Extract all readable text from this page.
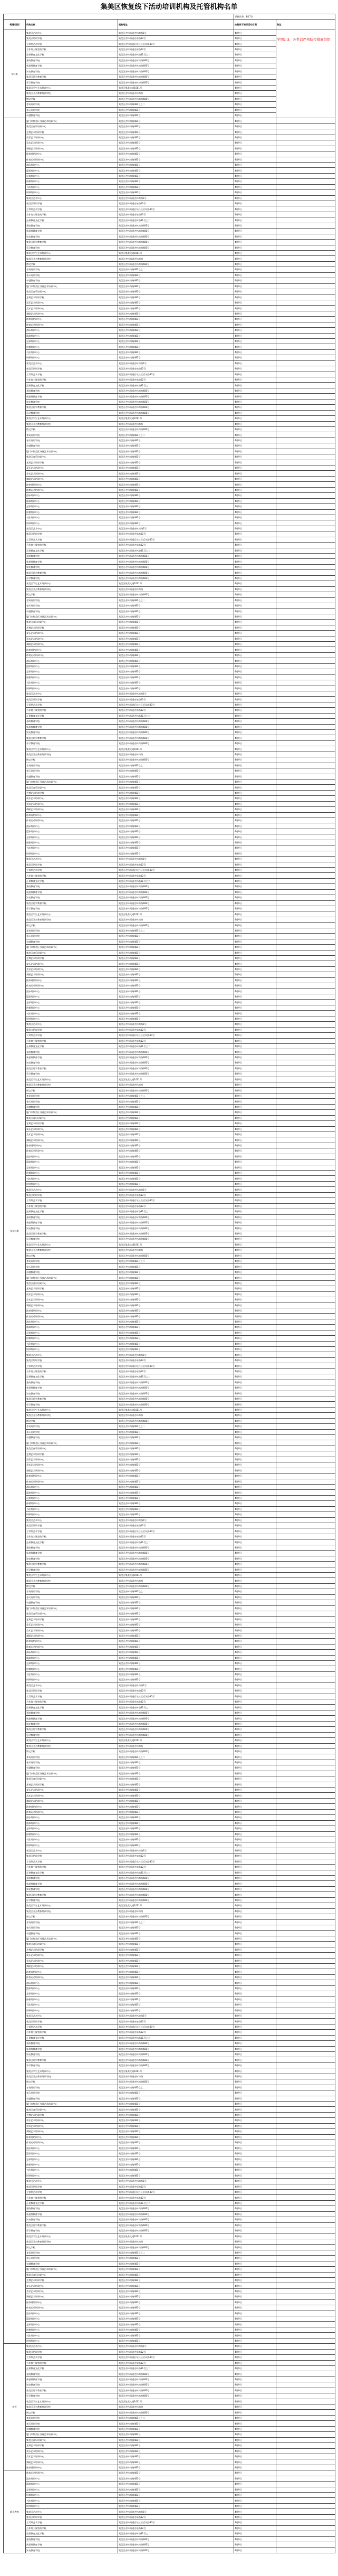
集美区恢复线下活动培训机构及托管机构名单
			更新日期：4月7日	
街道/类别	机构名称	机构地址	恢复线下培训活动日期	备注
学科类	集美区艺术中心	集美区杏林街道杏林湾路1号	4月9日	学期1-3，各类以严格防控措施组织
	集美区培训学校	集美区杏林街道杏前路12号	4月9日	
	立青坪艺术学校	集美区杏林街道后坑社区后坑路80号	4月9日	
	合作第三课堂的学校	集美区杏林街道杏前路12号	4月9日	
	正果教育文化学校	集美区杏林街道杏林路31号之二	4月9日	
	嘉庚教育学校	集美区杏林街道杏林湾路481号	4月9日	
	新思维教育学校	集美区杏林街道杏林湾路481号	4月9日	
	知友教育学校	集美区杏林街道杏林湾路481号	4月9日	
	集美区思学教育学校	集美区杏林街道杏林湾路481号	4月9日	
	乐学教育学校	集美区杏林街道杏林湾路481号	4月9日	
	集美区学生艺术培训中心	集美区集美大道1001号	4月9日	
	集美区圣杰教育培训学校	集美区杏林街道杏林湾路	4月9日	
	博文学校	集美区杏林街道杏林湾路481号	4月9日	
	育英英语学校	集美区杏林湾路481号之二	4月9日	
	春天英语学校	集美区杏林湾路481号	4月9日	
	卓越教育学校	集美区杏林湾路481号	4月9日	
非学科类	厦门市集美区书画艺术培训中心	集美区杏林湾路481号	4月9日	
	集美区音乐培训中心	集美区杏林湾路481号	4月9日	
	艺博艺术培训学校	集美区杏林湾路481号	4月9日	
	爱乐艺术培训中心	集美区杏林湾路481号	4月9日	
	美术艺术培训中心	集美区杏林湾路481号	4月9日	
	舞蹈艺术培训中心	集美区杏林湾路481号	4月9日	
	跆拳道培训中心	集美区杏林湾路481号	4月9日	
	体育运动培训中心	集美区杏林湾路481号	4月9日	
	游泳培训中心	集美区杏林湾路481号	4月9日	
	篮球培训中心	集美区杏林湾路481号	4月9日	
	足球培训中心	集美区杏林湾路481号	4月9日	
	围棋培训中心	集美区杏林湾路481号	4月9日	
	书法培训中心	集美区杏林湾路481号	4月9日	
	钢琴培训中心	集美区杏林湾路481号	4月9日	
	集美区艺术中心	集美区杏林街道杏林湾路1号	4月9日	
	集美区培训学校	集美区杏林街道杏前路12号	4月9日	
	立青坪艺术学校	集美区杏林街道后坑社区后坑路80号	4月9日	
	合作第三课堂的学校	集美区杏林街道杏前路12号	4月9日	
	正果教育文化学校	集美区杏林街道杏林路31号之二	4月9日	
	嘉庚教育学校	集美区杏林街道杏林湾路481号	4月9日	
	新思维教育学校	集美区杏林街道杏林湾路481号	4月9日	
	知友教育学校	集美区杏林街道杏林湾路481号	4月9日	
	集美区思学教育学校	集美区杏林街道杏林湾路481号	4月9日	
	乐学教育学校	集美区杏林街道杏林湾路481号	4月9日	
	集美区学生艺术培训中心	集美区集美大道1001号	4月9日	
	集美区圣杰教育培训学校	集美区杏林街道杏林湾路	4月9日	
	博文学校	集美区杏林街道杏林湾路481号	4月9日	
	育英英语学校	集美区杏林湾路481号之二	4月9日	
	春天英语学校	集美区杏林湾路481号	4月9日	
	卓越教育学校	集美区杏林湾路481号	4月9日	
	厦门市集美区书画艺术培训中心	集美区杏林湾路481号	4月9日	
	集美区音乐培训中心	集美区杏林湾路481号	4月9日	
	艺博艺术培训学校	集美区杏林湾路481号	4月9日	
	爱乐艺术培训中心	集美区杏林湾路481号	4月9日	
	美术艺术培训中心	集美区杏林湾路481号	4月9日	
	舞蹈艺术培训中心	集美区杏林湾路481号	4月9日	
	跆拳道培训中心	集美区杏林湾路481号	4月9日	
	体育运动培训中心	集美区杏林湾路481号	4月9日	
	游泳培训中心	集美区杏林湾路481号	4月9日	
	篮球培训中心	集美区杏林湾路481号	4月9日	
	足球培训中心	集美区杏林湾路481号	4月9日	
	围棋培训中心	集美区杏林湾路481号	4月9日	
	书法培训中心	集美区杏林湾路481号	4月9日	
	钢琴培训中心	集美区杏林湾路481号	4月9日	
	集美区艺术中心	集美区杏林街道杏林湾路1号	4月9日	
	集美区培训学校	集美区杏林街道杏前路12号	4月9日	
	立青坪艺术学校	集美区杏林街道后坑社区后坑路80号	4月9日	
	合作第三课堂的学校	集美区杏林街道杏前路12号	4月9日	
	正果教育文化学校	集美区杏林街道杏林路31号之二	4月9日	
	嘉庚教育学校	集美区杏林街道杏林湾路481号	4月9日	
	新思维教育学校	集美区杏林街道杏林湾路481号	4月9日	
	知友教育学校	集美区杏林街道杏林湾路481号	4月9日	
	集美区思学教育学校	集美区杏林街道杏林湾路481号	4月9日	
	乐学教育学校	集美区杏林街道杏林湾路481号	4月9日	
	集美区学生艺术培训中心	集美区集美大道1001号	4月9日	
	集美区圣杰教育培训学校	集美区杏林街道杏林湾路	4月9日	
	博文学校	集美区杏林街道杏林湾路481号	4月9日	
	育英英语学校	集美区杏林湾路481号之二	4月9日	
	春天英语学校	集美区杏林湾路481号	4月9日	
	卓越教育学校	集美区杏林湾路481号	4月9日	
	厦门市集美区书画艺术培训中心	集美区杏林湾路481号	4月9日	
	集美区音乐培训中心	集美区杏林湾路481号	4月9日	
	艺博艺术培训学校	集美区杏林湾路481号	4月9日	
	爱乐艺术培训中心	集美区杏林湾路481号	4月9日	
	美术艺术培训中心	集美区杏林湾路481号	4月9日	
	舞蹈艺术培训中心	集美区杏林湾路481号	4月9日	
	跆拳道培训中心	集美区杏林湾路481号	4月9日	
	体育运动培训中心	集美区杏林湾路481号	4月9日	
	游泳培训中心	集美区杏林湾路481号	4月9日	
	篮球培训中心	集美区杏林湾路481号	4月9日	
	足球培训中心	集美区杏林湾路481号	4月9日	
	围棋培训中心	集美区杏林湾路481号	4月9日	
	书法培训中心	集美区杏林湾路481号	4月9日	
	钢琴培训中心	集美区杏林湾路481号	4月9日	
	集美区艺术中心	集美区杏林街道杏林湾路1号	4月9日	
	集美区培训学校	集美区杏林街道杏前路12号	4月9日	
	立青坪艺术学校	集美区杏林街道后坑社区后坑路80号	4月9日	
	合作第三课堂的学校	集美区杏林街道杏前路12号	4月9日	
	正果教育文化学校	集美区杏林街道杏林路31号之二	4月9日	
	嘉庚教育学校	集美区杏林街道杏林湾路481号	4月9日	
	新思维教育学校	集美区杏林街道杏林湾路481号	4月9日	
	知友教育学校	集美区杏林街道杏林湾路481号	4月9日	
	集美区思学教育学校	集美区杏林街道杏林湾路481号	4月9日	
	乐学教育学校	集美区杏林街道杏林湾路481号	4月9日	
	集美区学生艺术培训中心	集美区集美大道1001号	4月9日	
	集美区圣杰教育培训学校	集美区杏林街道杏林湾路	4月9日	
	博文学校	集美区杏林街道杏林湾路481号	4月9日	
	育英英语学校	集美区杏林湾路481号之二	4月9日	
	春天英语学校	集美区杏林湾路481号	4月9日	
	卓越教育学校	集美区杏林湾路481号	4月9日	
	厦门市集美区书画艺术培训中心	集美区杏林湾路481号	4月9日	
	集美区音乐培训中心	集美区杏林湾路481号	4月9日	
	艺博艺术培训学校	集美区杏林湾路481号	4月9日	
	爱乐艺术培训中心	集美区杏林湾路481号	4月9日	
	美术艺术培训中心	集美区杏林湾路481号	4月9日	
	舞蹈艺术培训中心	集美区杏林湾路481号	4月9日	
	跆拳道培训中心	集美区杏林湾路481号	4月9日	
	体育运动培训中心	集美区杏林湾路481号	4月9日	
	游泳培训中心	集美区杏林湾路481号	4月9日	
	篮球培训中心	集美区杏林湾路481号	4月9日	
	足球培训中心	集美区杏林湾路481号	4月9日	
	围棋培训中心	集美区杏林湾路481号	4月9日	
	书法培训中心	集美区杏林湾路481号	4月9日	
	钢琴培训中心	集美区杏林湾路481号	4月9日	
	集美区艺术中心	集美区杏林街道杏林湾路1号	4月9日	
	集美区培训学校	集美区杏林街道杏前路12号	4月9日	
	立青坪艺术学校	集美区杏林街道后坑社区后坑路80号	4月9日	
	合作第三课堂的学校	集美区杏林街道杏前路12号	4月9日	
	正果教育文化学校	集美区杏林街道杏林路31号之二	4月9日	
	嘉庚教育学校	集美区杏林街道杏林湾路481号	4月9日	
	新思维教育学校	集美区杏林街道杏林湾路481号	4月9日	
	知友教育学校	集美区杏林街道杏林湾路481号	4月9日	
	集美区思学教育学校	集美区杏林街道杏林湾路481号	4月9日	
	乐学教育学校	集美区杏林街道杏林湾路481号	4月9日	
	集美区学生艺术培训中心	集美区集美大道1001号	4月9日	
	集美区圣杰教育培训学校	集美区杏林街道杏林湾路	4月9日	
	博文学校	集美区杏林街道杏林湾路481号	4月9日	
	育英英语学校	集美区杏林湾路481号之二	4月9日	
	春天英语学校	集美区杏林湾路481号	4月9日	
	卓越教育学校	集美区杏林湾路481号	4月9日	
	厦门市集美区书画艺术培训中心	集美区杏林湾路481号	4月9日	
	集美区音乐培训中心	集美区杏林湾路481号	4月9日	
	艺博艺术培训学校	集美区杏林湾路481号	4月9日	
	爱乐艺术培训中心	集美区杏林湾路481号	4月9日	
	美术艺术培训中心	集美区杏林湾路481号	4月9日	
	舞蹈艺术培训中心	集美区杏林湾路481号	4月9日	
	跆拳道培训中心	集美区杏林湾路481号	4月9日	
	体育运动培训中心	集美区杏林湾路481号	4月9日	
	游泳培训中心	集美区杏林湾路481号	4月9日	
	篮球培训中心	集美区杏林湾路481号	4月9日	
	足球培训中心	集美区杏林湾路481号	4月9日	
	围棋培训中心	集美区杏林湾路481号	4月9日	
	书法培训中心	集美区杏林湾路481号	4月9日	
	钢琴培训中心	集美区杏林湾路481号	4月9日	
	集美区艺术中心	集美区杏林街道杏林湾路1号	4月9日	
	集美区培训学校	集美区杏林街道杏前路12号	4月9日	
	立青坪艺术学校	集美区杏林街道后坑社区后坑路80号	4月9日	
	合作第三课堂的学校	集美区杏林街道杏前路12号	4月9日	
	正果教育文化学校	集美区杏林街道杏林路31号之二	4月9日	
	嘉庚教育学校	集美区杏林街道杏林湾路481号	4月9日	
	新思维教育学校	集美区杏林街道杏林湾路481号	4月9日	
	知友教育学校	集美区杏林街道杏林湾路481号	4月9日	
	集美区思学教育学校	集美区杏林街道杏林湾路481号	4月9日	
	乐学教育学校	集美区杏林街道杏林湾路481号	4月9日	
	集美区学生艺术培训中心	集美区集美大道1001号	4月9日	
	集美区圣杰教育培训学校	集美区杏林街道杏林湾路	4月9日	
	博文学校	集美区杏林街道杏林湾路481号	4月9日	
	育英英语学校	集美区杏林湾路481号之二	4月9日	
	春天英语学校	集美区杏林湾路481号	4月9日	
	卓越教育学校	集美区杏林湾路481号	4月9日	
	厦门市集美区书画艺术培训中心	集美区杏林湾路481号	4月9日	
	集美区音乐培训中心	集美区杏林湾路481号	4月9日	
	艺博艺术培训学校	集美区杏林湾路481号	4月9日	
	爱乐艺术培训中心	集美区杏林湾路481号	4月9日	
	美术艺术培训中心	集美区杏林湾路481号	4月9日	
	舞蹈艺术培训中心	集美区杏林湾路481号	4月9日	
	跆拳道培训中心	集美区杏林湾路481号	4月9日	
	体育运动培训中心	集美区杏林湾路481号	4月9日	
	游泳培训中心	集美区杏林湾路481号	4月9日	
	篮球培训中心	集美区杏林湾路481号	4月9日	
	足球培训中心	集美区杏林湾路481号	4月9日	
	围棋培训中心	集美区杏林湾路481号	4月9日	
	书法培训中心	集美区杏林湾路481号	4月9日	
	钢琴培训中心	集美区杏林湾路481号	4月9日	
	集美区艺术中心	集美区杏林街道杏林湾路1号	4月9日	
	集美区培训学校	集美区杏林街道杏前路12号	4月9日	
	立青坪艺术学校	集美区杏林街道后坑社区后坑路80号	4月9日	
	合作第三课堂的学校	集美区杏林街道杏前路12号	4月9日	
	正果教育文化学校	集美区杏林街道杏林路31号之二	4月9日	
	嘉庚教育学校	集美区杏林街道杏林湾路481号	4月9日	
	新思维教育学校	集美区杏林街道杏林湾路481号	4月9日	
	知友教育学校	集美区杏林街道杏林湾路481号	4月9日	
	集美区思学教育学校	集美区杏林街道杏林湾路481号	4月9日	
	乐学教育学校	集美区杏林街道杏林湾路481号	4月9日	
	集美区学生艺术培训中心	集美区集美大道1001号	4月9日	
	集美区圣杰教育培训学校	集美区杏林街道杏林湾路	4月9日	
	博文学校	集美区杏林街道杏林湾路481号	4月9日	
	育英英语学校	集美区杏林湾路481号之二	4月9日	
	春天英语学校	集美区杏林湾路481号	4月9日	
	卓越教育学校	集美区杏林湾路481号	4月9日	
	厦门市集美区书画艺术培训中心	集美区杏林湾路481号	4月9日	
	集美区音乐培训中心	集美区杏林湾路481号	4月9日	
	艺博艺术培训学校	集美区杏林湾路481号	4月9日	
	爱乐艺术培训中心	集美区杏林湾路481号	4月9日	
	美术艺术培训中心	集美区杏林湾路481号	4月9日	
	舞蹈艺术培训中心	集美区杏林湾路481号	4月9日	
	跆拳道培训中心	集美区杏林湾路481号	4月9日	
	体育运动培训中心	集美区杏林湾路481号	4月9日	
	游泳培训中心	集美区杏林湾路481号	4月9日	
	篮球培训中心	集美区杏林湾路481号	4月9日	
	足球培训中心	集美区杏林湾路481号	4月9日	
	围棋培训中心	集美区杏林湾路481号	4月9日	
	书法培训中心	集美区杏林湾路481号	4月9日	
	钢琴培训中心	集美区杏林湾路481号	4月9日	
	集美区艺术中心	集美区杏林街道杏林湾路1号	4月9日	
	集美区培训学校	集美区杏林街道杏前路12号	4月9日	
	立青坪艺术学校	集美区杏林街道后坑社区后坑路80号	4月9日	
	合作第三课堂的学校	集美区杏林街道杏前路12号	4月9日	
	正果教育文化学校	集美区杏林街道杏林路31号之二	4月9日	
	嘉庚教育学校	集美区杏林街道杏林湾路481号	4月9日	
	新思维教育学校	集美区杏林街道杏林湾路481号	4月9日	
	知友教育学校	集美区杏林街道杏林湾路481号	4月9日	
	集美区思学教育学校	集美区杏林街道杏林湾路481号	4月9日	
	乐学教育学校	集美区杏林街道杏林湾路481号	4月9日	
	集美区学生艺术培训中心	集美区集美大道1001号	4月9日	
	集美区圣杰教育培训学校	集美区杏林街道杏林湾路	4月9日	
	博文学校	集美区杏林街道杏林湾路481号	4月9日	
	育英英语学校	集美区杏林湾路481号之二	4月9日	
	春天英语学校	集美区杏林湾路481号	4月9日	
	卓越教育学校	集美区杏林湾路481号	4月9日	
	厦门市集美区书画艺术培训中心	集美区杏林湾路481号	4月9日	
	集美区音乐培训中心	集美区杏林湾路481号	4月9日	
	艺博艺术培训学校	集美区杏林湾路481号	4月9日	
	爱乐艺术培训中心	集美区杏林湾路481号	4月9日	
	美术艺术培训中心	集美区杏林湾路481号	4月9日	
	舞蹈艺术培训中心	集美区杏林湾路481号	4月9日	
	跆拳道培训中心	集美区杏林湾路481号	4月9日	
	体育运动培训中心	集美区杏林湾路481号	4月9日	
	游泳培训中心	集美区杏林湾路481号	4月9日	
	篮球培训中心	集美区杏林湾路481号	4月9日	
	足球培训中心	集美区杏林湾路481号	4月9日	
	围棋培训中心	集美区杏林湾路481号	4月9日	
	书法培训中心	集美区杏林湾路481号	4月9日	
	钢琴培训中心	集美区杏林湾路481号	4月9日	
	集美区艺术中心	集美区杏林街道杏林湾路1号	4月9日	
	集美区培训学校	集美区杏林街道杏前路12号	4月9日	
	立青坪艺术学校	集美区杏林街道后坑社区后坑路80号	4月9日	
	合作第三课堂的学校	集美区杏林街道杏前路12号	4月9日	
	正果教育文化学校	集美区杏林街道杏林路31号之二	4月9日	
	嘉庚教育学校	集美区杏林街道杏林湾路481号	4月9日	
	新思维教育学校	集美区杏林街道杏林湾路481号	4月9日	
	知友教育学校	集美区杏林街道杏林湾路481号	4月9日	
	集美区思学教育学校	集美区杏林街道杏林湾路481号	4月9日	
	乐学教育学校	集美区杏林街道杏林湾路481号	4月9日	
	集美区学生艺术培训中心	集美区集美大道1001号	4月9日	
	集美区圣杰教育培训学校	集美区杏林街道杏林湾路	4月9日	
	博文学校	集美区杏林街道杏林湾路481号	4月9日	
	育英英语学校	集美区杏林湾路481号之二	4月9日	
	春天英语学校	集美区杏林湾路481号	4月9日	
	卓越教育学校	集美区杏林湾路481号	4月9日	
	厦门市集美区书画艺术培训中心	集美区杏林湾路481号	4月9日	
	集美区音乐培训中心	集美区杏林湾路481号	4月9日	
	艺博艺术培训学校	集美区杏林湾路481号	4月9日	
	爱乐艺术培训中心	集美区杏林湾路481号	4月9日	
	美术艺术培训中心	集美区杏林湾路481号	4月9日	
	舞蹈艺术培训中心	集美区杏林湾路481号	4月9日	
	跆拳道培训中心	集美区杏林湾路481号	4月9日	
	体育运动培训中心	集美区杏林湾路481号	4月9日	
	游泳培训中心	集美区杏林湾路481号	4月9日	
	篮球培训中心	集美区杏林湾路481号	4月9日	
	足球培训中心	集美区杏林湾路481号	4月9日	
	围棋培训中心	集美区杏林湾路481号	4月9日	
	书法培训中心	集美区杏林湾路481号	4月9日	
	钢琴培训中心	集美区杏林湾路481号	4月9日	
	集美区艺术中心	集美区杏林街道杏林湾路1号	4月9日	
	集美区培训学校	集美区杏林街道杏前路12号	4月9日	
	立青坪艺术学校	集美区杏林街道后坑社区后坑路80号	4月9日	
	合作第三课堂的学校	集美区杏林街道杏前路12号	4月9日	
	正果教育文化学校	集美区杏林街道杏林路31号之二	4月9日	
	嘉庚教育学校	集美区杏林街道杏林湾路481号	4月9日	
	新思维教育学校	集美区杏林街道杏林湾路481号	4月9日	
	知友教育学校	集美区杏林街道杏林湾路481号	4月9日	
	集美区思学教育学校	集美区杏林街道杏林湾路481号	4月9日	
	乐学教育学校	集美区杏林街道杏林湾路481号	4月9日	
	集美区学生艺术培训中心	集美区集美大道1001号	4月9日	
	集美区圣杰教育培训学校	集美区杏林街道杏林湾路	4月9日	
	博文学校	集美区杏林街道杏林湾路481号	4月9日	
	育英英语学校	集美区杏林湾路481号之二	4月9日	
	春天英语学校	集美区杏林湾路481号	4月9日	
	卓越教育学校	集美区杏林湾路481号	4月9日	
	厦门市集美区书画艺术培训中心	集美区杏林湾路481号	4月9日	
	集美区音乐培训中心	集美区杏林湾路481号	4月9日	
	艺博艺术培训学校	集美区杏林湾路481号	4月9日	
	爱乐艺术培训中心	集美区杏林湾路481号	4月9日	
	美术艺术培训中心	集美区杏林湾路481号	4月9日	
	舞蹈艺术培训中心	集美区杏林湾路481号	4月9日	
	跆拳道培训中心	集美区杏林湾路481号	4月9日	
	体育运动培训中心	集美区杏林湾路481号	4月9日	
	游泳培训中心	集美区杏林湾路481号	4月9日	
	篮球培训中心	集美区杏林湾路481号	4月9日	
	足球培训中心	集美区杏林湾路481号	4月9日	
	围棋培训中心	集美区杏林湾路481号	4月9日	
	书法培训中心	集美区杏林湾路481号	4月9日	
	钢琴培训中心	集美区杏林湾路481号	4月9日	
	集美区艺术中心	集美区杏林街道杏林湾路1号	4月9日	
	集美区培训学校	集美区杏林街道杏前路12号	4月9日	
	立青坪艺术学校	集美区杏林街道后坑社区后坑路80号	4月9日	
	合作第三课堂的学校	集美区杏林街道杏前路12号	4月9日	
	正果教育文化学校	集美区杏林街道杏林路31号之二	4月9日	
	嘉庚教育学校	集美区杏林街道杏林湾路481号	4月9日	
	新思维教育学校	集美区杏林街道杏林湾路481号	4月9日	
	知友教育学校	集美区杏林街道杏林湾路481号	4月9日	
	集美区思学教育学校	集美区杏林街道杏林湾路481号	4月9日	
	乐学教育学校	集美区杏林街道杏林湾路481号	4月9日	
	集美区学生艺术培训中心	集美区集美大道1001号	4月9日	
	集美区圣杰教育培训学校	集美区杏林街道杏林湾路	4月9日	
	博文学校	集美区杏林街道杏林湾路481号	4月9日	
	育英英语学校	集美区杏林湾路481号之二	4月9日	
	春天英语学校	集美区杏林湾路481号	4月9日	
	卓越教育学校	集美区杏林湾路481号	4月9日	
	厦门市集美区书画艺术培训中心	集美区杏林湾路481号	4月9日	
	集美区音乐培训中心	集美区杏林湾路481号	4月9日	
	艺博艺术培训学校	集美区杏林湾路481号	4月9日	
	爱乐艺术培训中心	集美区杏林湾路481号	4月9日	
	美术艺术培训中心	集美区杏林湾路481号	4月9日	
	舞蹈艺术培训中心	集美区杏林湾路481号	4月9日	
	跆拳道培训中心	集美区杏林湾路481号	4月9日	
	体育运动培训中心	集美区杏林湾路481号	4月9日	
	游泳培训中心	集美区杏林湾路481号	4月9日	
	篮球培训中心	集美区杏林湾路481号	4月9日	
	足球培训中心	集美区杏林湾路481号	4月9日	
	围棋培训中心	集美区杏林湾路481号	4月9日	
	书法培训中心	集美区杏林湾路481号	4月9日	
	钢琴培训中心	集美区杏林湾路481号	4月9日	
	集美区艺术中心	集美区杏林街道杏林湾路1号	4月9日	
	集美区培训学校	集美区杏林街道杏前路12号	4月9日	
	立青坪艺术学校	集美区杏林街道后坑社区后坑路80号	4月9日	
	合作第三课堂的学校	集美区杏林街道杏前路12号	4月9日	
	正果教育文化学校	集美区杏林街道杏林路31号之二	4月9日	
	嘉庚教育学校	集美区杏林街道杏林湾路481号	4月9日	
	新思维教育学校	集美区杏林街道杏林湾路481号	4月9日	
	知友教育学校	集美区杏林街道杏林湾路481号	4月9日	
	集美区思学教育学校	集美区杏林街道杏林湾路481号	4月9日	
	乐学教育学校	集美区杏林街道杏林湾路481号	4月9日	
	集美区学生艺术培训中心	集美区集美大道1001号	4月9日	
	集美区圣杰教育培训学校	集美区杏林街道杏林湾路	4月9日	
	博文学校	集美区杏林街道杏林湾路481号	4月9日	
	育英英语学校	集美区杏林湾路481号之二	4月9日	
	春天英语学校	集美区杏林湾路481号	4月9日	
	卓越教育学校	集美区杏林湾路481号	4月9日	
	厦门市集美区书画艺术培训中心	集美区杏林湾路481号	4月9日	
	集美区音乐培训中心	集美区杏林湾路481号	4月9日	
	艺博艺术培训学校	集美区杏林湾路481号	4月9日	
	爱乐艺术培训中心	集美区杏林湾路481号	4月9日	
	美术艺术培训中心	集美区杏林湾路481号	4月9日	
	舞蹈艺术培训中心	集美区杏林湾路481号	4月9日	
	跆拳道培训中心	集美区杏林湾路481号	4月9日	
	体育运动培训中心	集美区杏林湾路481号	4月9日	
	游泳培训中心	集美区杏林湾路481号	4月9日	
	篮球培训中心	集美区杏林湾路481号	4月9日	
	足球培训中心	集美区杏林湾路481号	4月9日	
	围棋培训中心	集美区杏林湾路481号	4月9日	
	书法培训中心	集美区杏林湾路481号	4月9日	
	钢琴培训中心	集美区杏林湾路481号	4月9日	
	集美区艺术中心	集美区杏林街道杏林湾路1号	4月9日	
	集美区培训学校	集美区杏林街道杏前路12号	4月9日	
	立青坪艺术学校	集美区杏林街道后坑社区后坑路80号	4月9日	
	合作第三课堂的学校	集美区杏林街道杏前路12号	4月9日	
	正果教育文化学校	集美区杏林街道杏林路31号之二	4月9日	
	嘉庚教育学校	集美区杏林街道杏林湾路481号	4月9日	
	新思维教育学校	集美区杏林街道杏林湾路481号	4月9日	
	知友教育学校	集美区杏林街道杏林湾路481号	4月9日	
	集美区思学教育学校	集美区杏林街道杏林湾路481号	4月9日	
	乐学教育学校	集美区杏林街道杏林湾路481号	4月9日	
	集美区学生艺术培训中心	集美区集美大道1001号	4月9日	
	集美区圣杰教育培训学校	集美区杏林街道杏林湾路	4月9日	
	博文学校	集美区杏林街道杏林湾路481号	4月9日	
	育英英语学校	集美区杏林湾路481号之二	4月9日	
	春天英语学校	集美区杏林湾路481号	4月9日	
	卓越教育学校	集美区杏林湾路481号	4月9日	
	厦门市集美区书画艺术培训中心	集美区杏林湾路481号	4月9日	
	集美区音乐培训中心	集美区杏林湾路481号	4月9日	
	艺博艺术培训学校	集美区杏林湾路481号	4月9日	
	爱乐艺术培训中心	集美区杏林湾路481号	4月9日	
	美术艺术培训中心	集美区杏林湾路481号	4月9日	
	舞蹈艺术培训中心	集美区杏林湾路481号	4月9日	
	跆拳道培训中心	集美区杏林湾路481号	4月9日	
	体育运动培训中心	集美区杏林湾路481号	4月9日	
	游泳培训中心	集美区杏林湾路481号	4月9日	
	篮球培训中心	集美区杏林湾路481号	4月9日	
	足球培训中心	集美区杏林湾路481号	4月9日	
	围棋培训中心	集美区杏林湾路481号	4月9日	
	书法培训中心	集美区杏林湾路481号	4月9日	
	钢琴培训中心	集美区杏林湾路481号	4月9日	
	集美区艺术中心	集美区杏林街道杏林湾路1号	4月9日	
	集美区培训学校	集美区杏林街道杏前路12号	4月9日	
	立青坪艺术学校	集美区杏林街道后坑社区后坑路80号	4月9日	
	合作第三课堂的学校	集美区杏林街道杏前路12号	4月9日	
	正果教育文化学校	集美区杏林街道杏林路31号之二	4月9日	
	嘉庚教育学校	集美区杏林街道杏林湾路481号	4月9日	
	新思维教育学校	集美区杏林街道杏林湾路481号	4月9日	
	知友教育学校	集美区杏林街道杏林湾路481号	4月9日	
	集美区思学教育学校	集美区杏林街道杏林湾路481号	4月9日	
	乐学教育学校	集美区杏林街道杏林湾路481号	4月9日	
	集美区学生艺术培训中心	集美区集美大道1001号	4月9日	
	集美区圣杰教育培训学校	集美区杏林街道杏林湾路	4月9日	
	博文学校	集美区杏林街道杏林湾路481号	4月9日	
	育英英语学校	集美区杏林湾路481号之二	4月9日	
	春天英语学校	集美区杏林湾路481号	4月9日	
	卓越教育学校	集美区杏林湾路481号	4月9日	
	厦门市集美区书画艺术培训中心	集美区杏林湾路481号	4月9日	
	集美区音乐培训中心	集美区杏林湾路481号	4月9日	
	艺博艺术培训学校	集美区杏林湾路481号	4月9日	
	爱乐艺术培训中心	集美区杏林湾路481号	4月9日	
	美术艺术培训中心	集美区杏林湾路481号	4月9日	
	舞蹈艺术培训中心	集美区杏林湾路481号	4月9日	
	跆拳道培训中心	集美区杏林湾路481号	4月9日	
	体育运动培训中心	集美区杏林湾路481号	4月9日	
	游泳培训中心	集美区杏林湾路481号	4月9日	
	篮球培训中心	集美区杏林湾路481号	4月9日	
	足球培训中心	集美区杏林湾路481号	4月9日	
	围棋培训中心	集美区杏林湾路481号	4月9日	
	书法培训中心	集美区杏林湾路481号	4月9日	
	钢琴培训中心	集美区杏林湾路481号	4月9日	
托管	集美区艺术中心	集美区杏林街道杏林湾路1号	4月9日	
	集美区培训学校	集美区杏林街道杏前路12号	4月9日	
	立青坪艺术学校	集美区杏林街道后坑社区后坑路80号	4月9日	
	合作第三课堂的学校	集美区杏林街道杏前路12号	4月9日	
	正果教育文化学校	集美区杏林街道杏林路31号之二	4月9日	
	嘉庚教育学校	集美区杏林街道杏林湾路481号	4月9日	
	新思维教育学校	集美区杏林街道杏林湾路481号	4月9日	
	知友教育学校	集美区杏林街道杏林湾路481号	4月9日	
	集美区思学教育学校	集美区杏林街道杏林湾路481号	4月9日	
	乐学教育学校	集美区杏林街道杏林湾路481号	4月9日	
	集美区学生艺术培训中心	集美区集美大道1001号	4月9日	
	集美区圣杰教育培训学校	集美区杏林街道杏林湾路	4月9日	
	博文学校	集美区杏林街道杏林湾路481号	4月9日	
	育英英语学校	集美区杏林湾路481号之二	4月9日	
	春天英语学校	集美区杏林湾路481号	4月9日	
	卓越教育学校	集美区杏林湾路481号	4月9日	
	厦门市集美区书画艺术培训中心	集美区杏林湾路481号	4月9日	
	集美区音乐培训中心	集美区杏林湾路481号	4月9日	
	艺博艺术培训学校	集美区杏林湾路481号	4月9日	
	爱乐艺术培训中心	集美区杏林湾路481号	4月9日	
	美术艺术培训中心	集美区杏林湾路481号	4月9日	
	舞蹈艺术培训中心	集美区杏林湾路481号	4月9日	
	跆拳道培训中心	集美区杏林湾路481号	4月9日	
职业教育	体育运动培训中心	集美区杏林湾路481号	4月9日	
	游泳培训中心	集美区杏林湾路481号	4月9日	
	篮球培训中心	集美区杏林湾路481号	4月9日	
	足球培训中心	集美区杏林湾路481号	4月9日	
	围棋培训中心	集美区杏林湾路481号	4月9日	
	书法培训中心	集美区杏林湾路481号	4月9日	
	钢琴培训中心	集美区杏林湾路481号	4月9日	
	集美区艺术中心	集美区杏林街道杏林湾路1号	4月9日	
	集美区培训学校	集美区杏林街道杏前路12号	4月9日	
	立青坪艺术学校	集美区杏林街道后坑社区后坑路80号	4月9日	
	合作第三课堂的学校	集美区杏林街道杏前路12号	4月9日	
	正果教育文化学校	集美区杏林街道杏林路31号之二	4月9日	
	嘉庚教育学校	集美区杏林街道杏林湾路481号	4月9日	
	新思维教育学校	集美区杏林街道杏林湾路481号	4月9日	
	知友教育学校	集美区杏林街道杏林湾路481号	4月9日	
